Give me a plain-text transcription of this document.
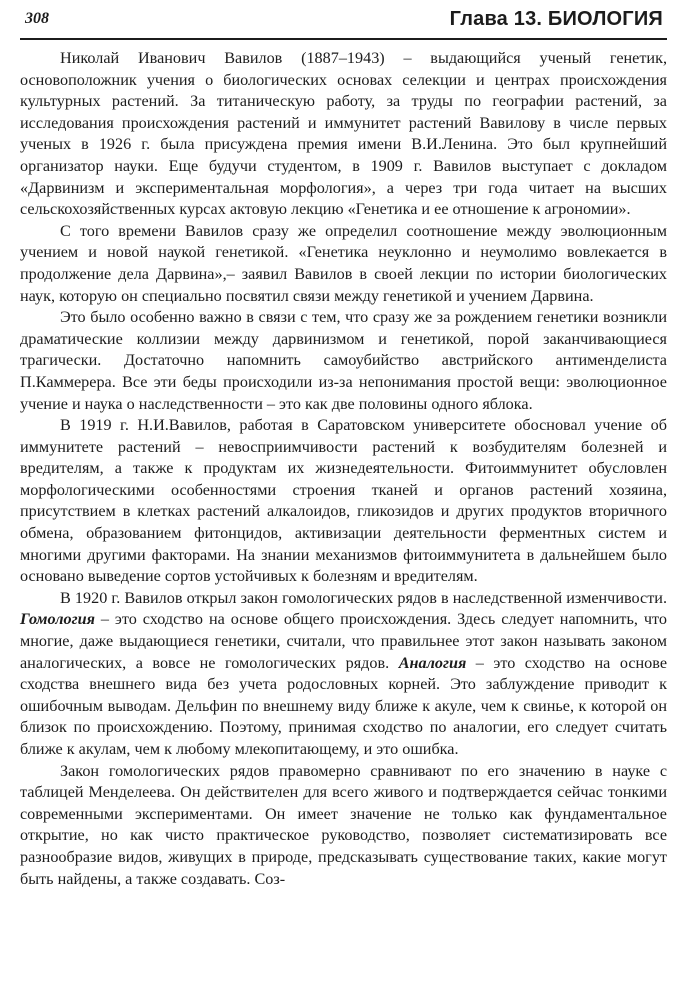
308	Глава 13. БИОЛОГИЯ

Николай Иванович Вавилов (1887–1943) – выдающийся ученый генетик, основоположник учения о биологических основах селекции и центрах происхождения культурных растений. За титаническую работу, за труды по географии растений, за исследования происхождения растений и иммунитет растений Вавилову в числе первых ученых в 1926 г. была присуждена премия имени В.И.Ленина. Это был крупнейший организатор науки. Еще будучи студентом, в 1909 г. Вавилов выступает с докладом «Дарвинизм и экспериментальная морфология», а через три года читает на высших сельскохозяйственных курсах актовую лекцию «Генетика и ее отношение к агрономии».

С того времени Вавилов сразу же определил соотношение между эволюционным учением и новой наукой генетикой. «Генетика неуклонно и неумолимо вовлекается в продолжение дела Дарвина»,– заявил Вавилов в своей лекции по истории биологических наук, которую он специально посвятил связи между генетикой и учением Дарвина.

Это было особенно важно в связи с тем, что сразу же за рождением генетики возникли драматические коллизии между дарвинизмом и генетикой, порой заканчивающиеся трагически. Достаточно напомнить самоубийство австрийского антименделиста П.Каммерера. Все эти беды происходили из-за непонимания простой вещи: эволюционное учение и наука о наследственности – это как две половины одного яблока.

В 1919 г. Н.И.Вавилов, работая в Саратовском университете обосновал учение об иммунитете растений – невосприимчивости растений к возбудителям болезней и вредителям, а также к продуктам их жизнедеятельности. Фитоиммунитет обусловлен морфологическими особенностями строения тканей и органов растений хозяина, присутствием в клетках растений алкалоидов, гликозидов и других продуктов вторичного обмена, образованием фитонцидов, активизации деятельности ферментных систем и многими другими факторами. На знании механизмов фитоиммунитета в дальнейшем было основано выведение сортов устойчивых к болезням и вредителям.

В 1920 г. Вавилов открыл закон гомологических рядов в наследственной изменчивости. Гомология – это сходство на основе общего происхождения. Здесь следует напомнить, что многие, даже выдающиеся генетики, считали, что правильнее этот закон называть законом аналогических, а вовсе не гомологических рядов. Аналогия – это сходство на основе сходства внешнего вида без учета родословных корней. Это заблуждение приводит к ошибочным выводам. Дельфин по внешнему виду ближе к акуле, чем к свинье, к которой он близок по происхождению. Поэтому, принимая сходство по аналогии, его следует считать ближе к акулам, чем к любому млекопитающему, и это ошибка.

Закон гомологических рядов правомерно сравнивают по его значению в науке с таблицей Менделеева. Он действителен для всего живого и подтверждается сейчас тонкими современными экспериментами. Он имеет значение не только как фундаментальное открытие, но как чисто практическое руководство, позволяет систематизировать все разнообразие видов, живущих в природе, предсказывать существование таких, какие могут быть найдены, а также создавать. Соз-
